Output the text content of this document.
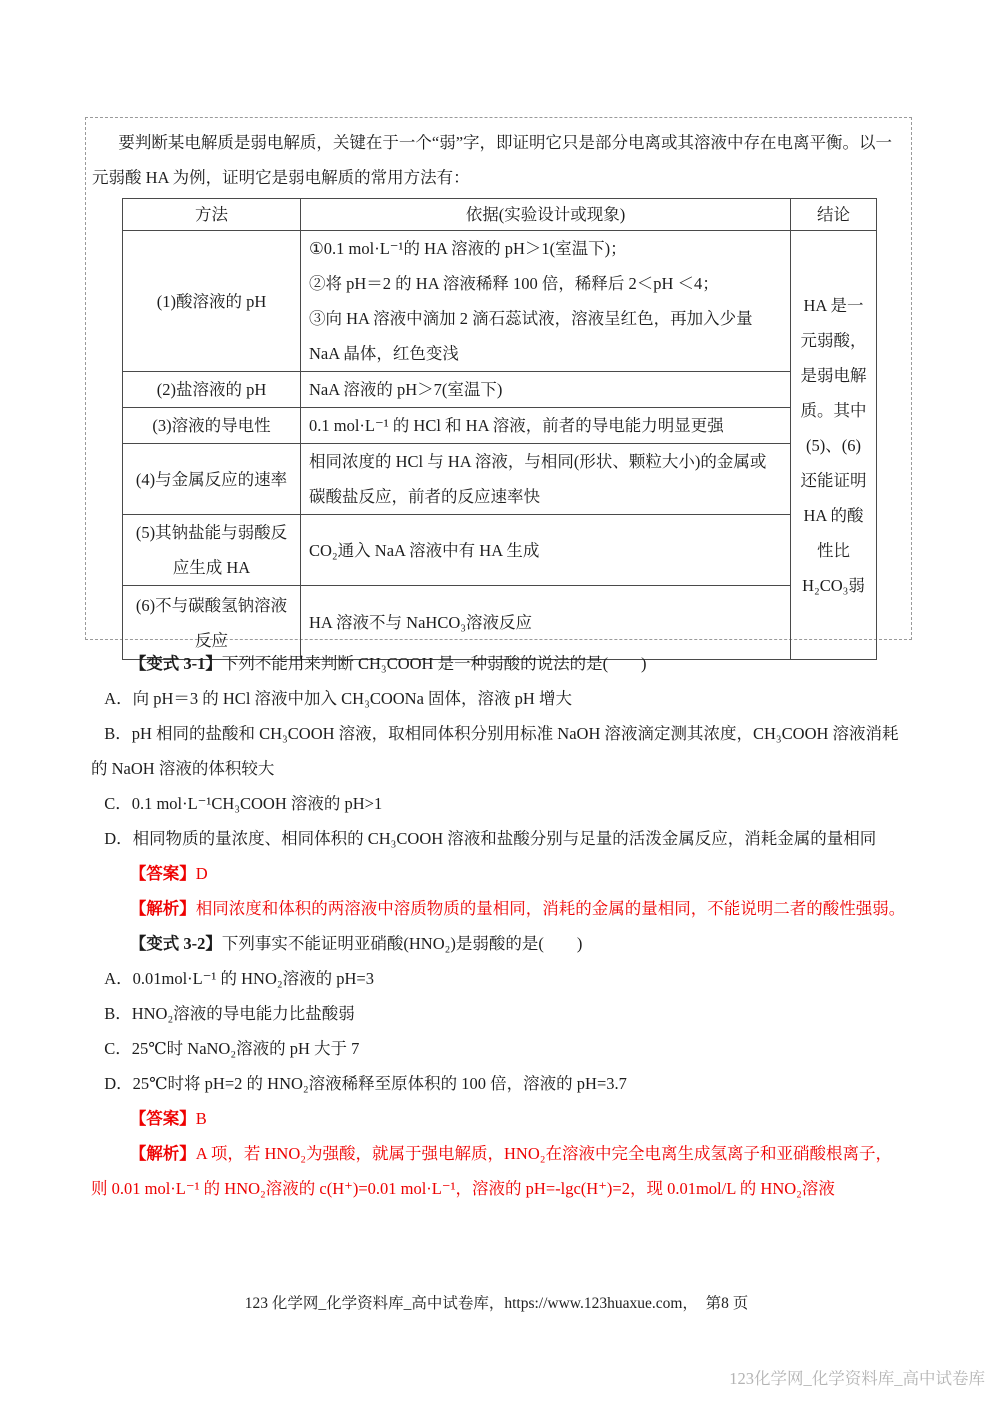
要判断某电解质是弱电解质，关键在于一个“弱”字，即证明它只是部分电离或其溶液中存在电离平衡。以一元弱酸 HA 为例，证明它是弱电解质的常用方法有：

方法	依据(实验设计或现象)	结论
(1)酸溶液的 pH	①0.1 mol·L⁻¹的 HA 溶液的 pH＞1(室温下)；
②将 pH＝2 的 HA 溶液稀释 100 倍，稀释后 2＜pH ＜4；
③向 HA 溶液中滴加 2 滴石蕊试液，溶液呈红色，再加入少量 NaA 晶体，红色变浅	HA 是一元弱酸，是弱电解质。其中(5)、(6)还能证明 HA 的酸性比 H₂CO₃弱
(2)盐溶液的 pH	NaA 溶液的 pH＞7(室温下)	
(3)溶液的导电性	0.1 mol·L⁻¹ 的 HCl 和 HA 溶液，前者的导电能力明显更强	
(4)与金属反应的速率	相同浓度的 HCl 与 HA 溶液，与相同(形状、颗粒大小)的金属或碳酸盐反应，前者的反应速率快	
(5)其钠盐能与弱酸反应生成 HA	CO₂通入 NaA 溶液中有 HA 生成	
(6)不与碳酸氢钠溶液反应	HA 溶液不与 NaHCO₃溶液反应	

【变式 3-1】下列不能用来判断 CH₃COOH 是一种弱酸的说法的是(　　)

A．向 pH＝3 的 HCl 溶液中加入 CH₃COONa 固体，溶液 pH 增大

B．pH 相同的盐酸和 CH₃COOH 溶液，取相同体积分别用标准 NaOH 溶液滴定测其浓度，CH₃COOH 溶液消耗的 NaOH 溶液的体积较大

C．0.1 mol·L⁻¹CH₃COOH 溶液的 pH>1

D．相同物质的量浓度、相同体积的 CH₃COOH 溶液和盐酸分别与足量的活泼金属反应，消耗金属的量相同

【答案】D

【解析】相同浓度和体积的两溶液中溶质物质的量相同，消耗的金属的量相同，不能说明二者的酸性强弱。

【变式 3-2】下列事实不能证明亚硝酸(HNO₂)是弱酸的是(　　)

A．0.01mol·L⁻¹ 的 HNO₂溶液的 pH=3

B．HNO₂溶液的导电能力比盐酸弱

C．25℃时 NaNO₂溶液的 pH 大于 7

D．25℃时将 pH=2 的 HNO₂溶液稀释至原体积的 100 倍，溶液的 pH=3.7

【答案】B

【解析】A 项，若 HNO₂为强酸，就属于强电解质，HNO₂在溶液中完全电离生成氢离子和亚硝酸根离子，则 0.01 mol·L⁻¹ 的 HNO₂溶液的 c(H⁺)=0.01 mol·L⁻¹，溶液的 pH=-lgc(H⁺)=2，现 0.01mol/L 的 HNO₂溶液

123 化学网_化学资料库_高中试卷库，https://www.123huaxue.com，　第8 页
123化学网_化学资料库_高中试卷库
